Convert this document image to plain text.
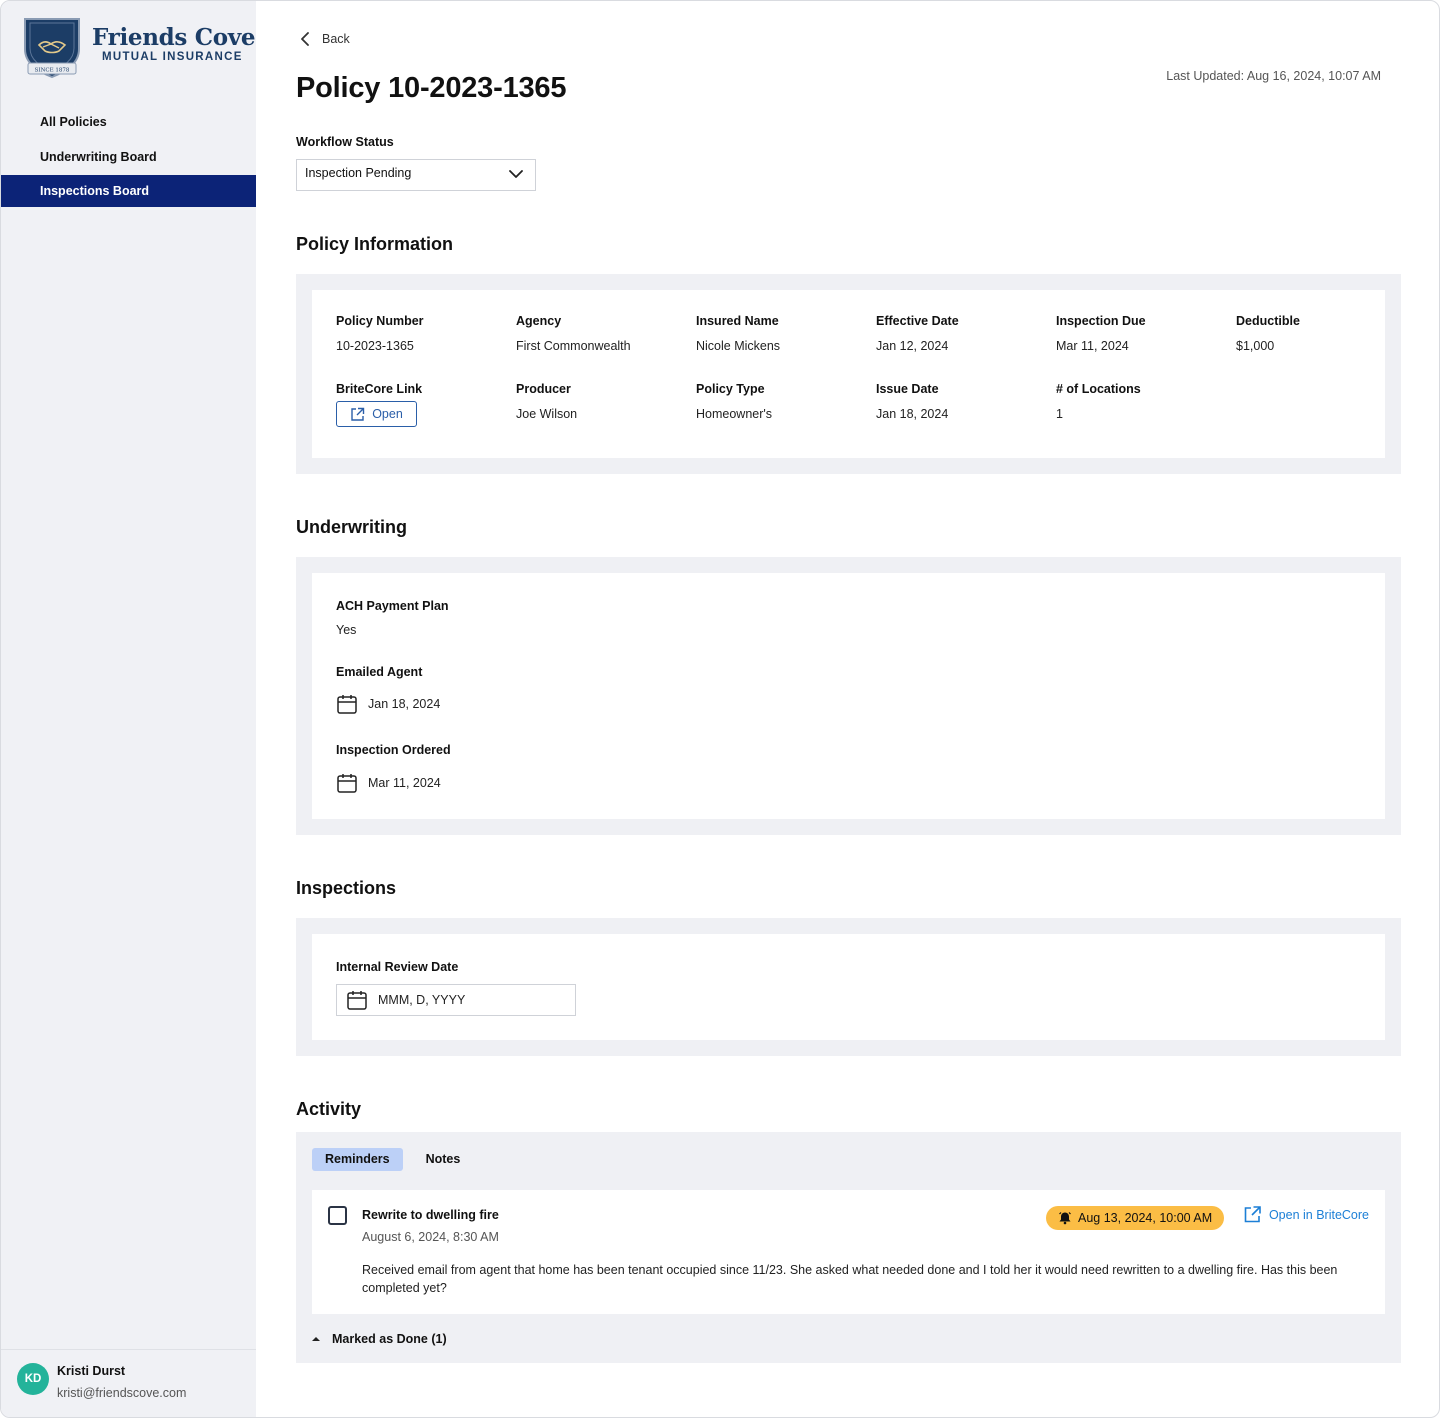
SINCE 1878
Friends Cove
MUTUAL INSURANCE
All Policies
Underwriting Board
Inspections Board
KD
Kristi Durst
kristi@friendscove.com
Back
Policy 10-2023-1365	Last Updated: Aug 16, 2024, 10:07 AM
Workflow Status
Inspection Pending
Policy Information
Policy Number
10-2023-1365
Agency
First Commonwealth
Insured Name
Nicole Mickens
Effective Date
Jan 12, 2024
Inspection Due
Mar 11, 2024
Deductible
$1,000
BriteCore Link
Open
Producer
Joe Wilson
Policy Type
Homeowner's
Issue Date
Jan 18, 2024
# of Locations
1
Underwriting
ACH Payment Plan
Yes
Emailed Agent
Jan 18, 2024
Inspection Ordered
Mar 11, 2024
Inspections
Internal Review Date
MMM, D, YYYY
Activity
Reminders	Notes
Rewrite to dwelling fire
August 6, 2024, 8:30 AM
Aug 13, 2024, 10:00 AM	Open in BriteCore
Received email from agent that home has been tenant occupied since 11/23. She asked what needed done and I told her it would need rewritten to a dwelling fire. Has this been completed yet?
Marked as Done (1)
